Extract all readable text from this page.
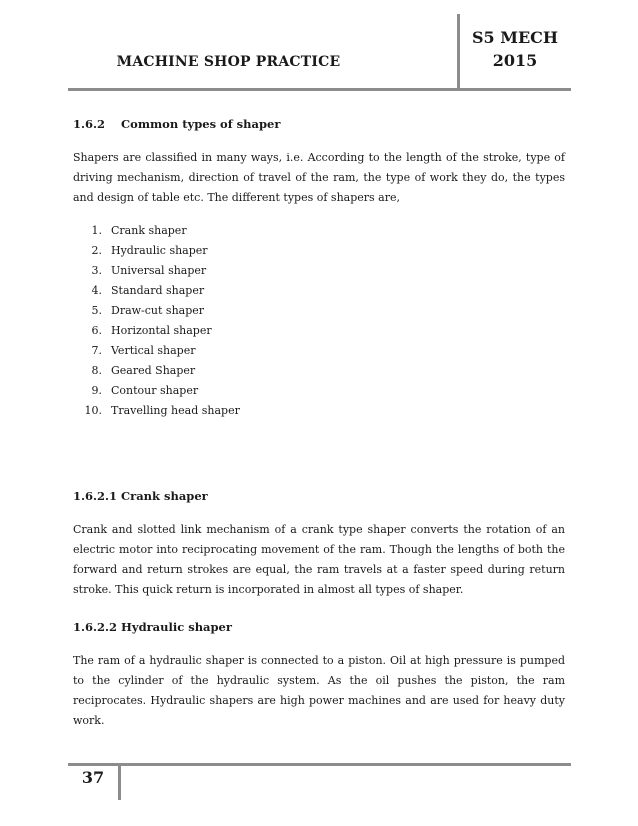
MACHINE SHOP PRACTICE
S5 MECH
2015
1.6.2    Common types of shaper
Shapers are classified in many ways, i.e. According to the length of the stroke, type of driving mechanism, direction of travel of the ram, the type of work they do, the types and design of table etc. The different types of shapers are,
1. Crank shaper
2. Hydraulic shaper
3. Universal shaper
4. Standard shaper
5. Draw-cut shaper
6. Horizontal shaper
7. Vertical shaper
8. Geared Shaper
9. Contour shaper
10. Travelling head shaper
1.6.2.1 Crank shaper
Crank and slotted link mechanism of a crank type shaper converts the rotation of an electric motor into reciprocating movement of the ram. Though the lengths of both the forward and return strokes are equal, the ram travels at a faster speed during return stroke. This quick return is incorporated in almost all types of shaper.
1.6.2.2 Hydraulic shaper
The ram of a hydraulic shaper is connected to a piston. Oil at high pressure is pumped to the cylinder of the hydraulic system. As the oil pushes the piston, the ram reciprocates. Hydraulic shapers are high power machines and are used for heavy duty work.
37
